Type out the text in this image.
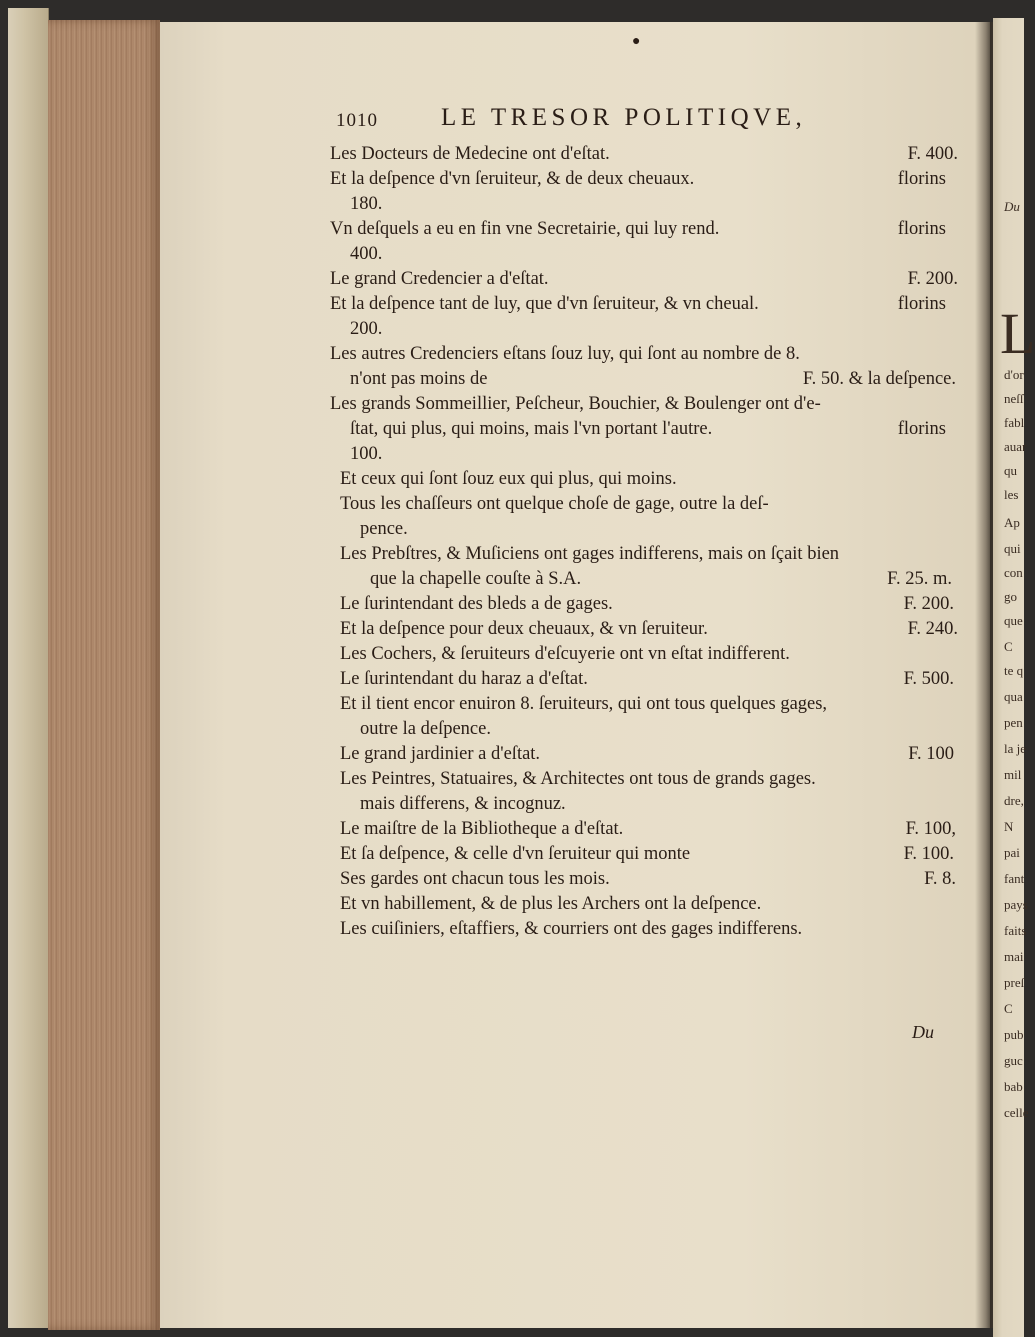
●
1010	LE TRESOR POLITIQVE,
Les Docteurs de Medecine ont d'eſtat.	F. 400.
Et la deſpence d'vn ſeruiteur, & de deux cheuaux.	florins
180.
Vn deſquels a eu en fin vne Secretairie, qui luy rend.	florins
400.
Le grand Credencier a d'eſtat.	F. 200.
Et la deſpence tant de luy, que d'vn ſeruiteur, & vn cheual.	florins
200.
Les autres Credenciers eſtans ſouz luy, qui ſont au nombre de 8.
n'ont pas moins de	F. 50. & la deſpence.
Les grands Sommeillier, Peſcheur, Bouchier, & Boulenger ont d'e-
ſtat, qui plus, qui moins, mais l'vn portant l'autre.	florins
100.
Et ceux qui ſont ſouz eux qui plus, qui moins.
Tous les chaſſeurs ont quelque choſe de gage, outre la deſ-
pence.
Les Prebſtres, & Muſiciens ont gages indifferens, mais on ſçait bien
que la chapelle couſte à S.A.	F. 25. m.
Le ſurintendant des bleds a de gages.	F. 200.
Et la deſpence pour deux cheuaux, & vn ſeruiteur.	F. 240.
Les Cochers, & ſeruiteurs d'eſcuyerie ont vn eſtat indifferent.
Le ſurintendant du haraz a d'eſtat.	F. 500.
Et il tient encor enuiron 8. ſeruiteurs, qui ont tous quelques gages,
outre la deſpence.
Le grand jardinier a d'eſtat.	F. 100
Les Peintres, Statuaires, & Architectes ont tous de grands gages.
mais differens, & incognuz.
Le maiſtre de la Bibliotheque a d'eſtat.	F. 100,
Et ſa deſpence, & celle d'vn ſeruiteur qui monte	F. 100.
Ses gardes ont chacun tous les mois.	F. 8.
Et vn habillement, & de plus les Archers ont la deſpence.
Les cuiſiniers, eſtaffiers, & courriers ont des gages indifferens.
Du
Du
L
d'or
neſſ
fabl
auar
qu
les
Ap
qui
con
go
que
C
te q
qua
pen
la je
mil
dre,
N
pai
fant
pays
faits
mai
preſ
C
pub
guc
bab
celle
